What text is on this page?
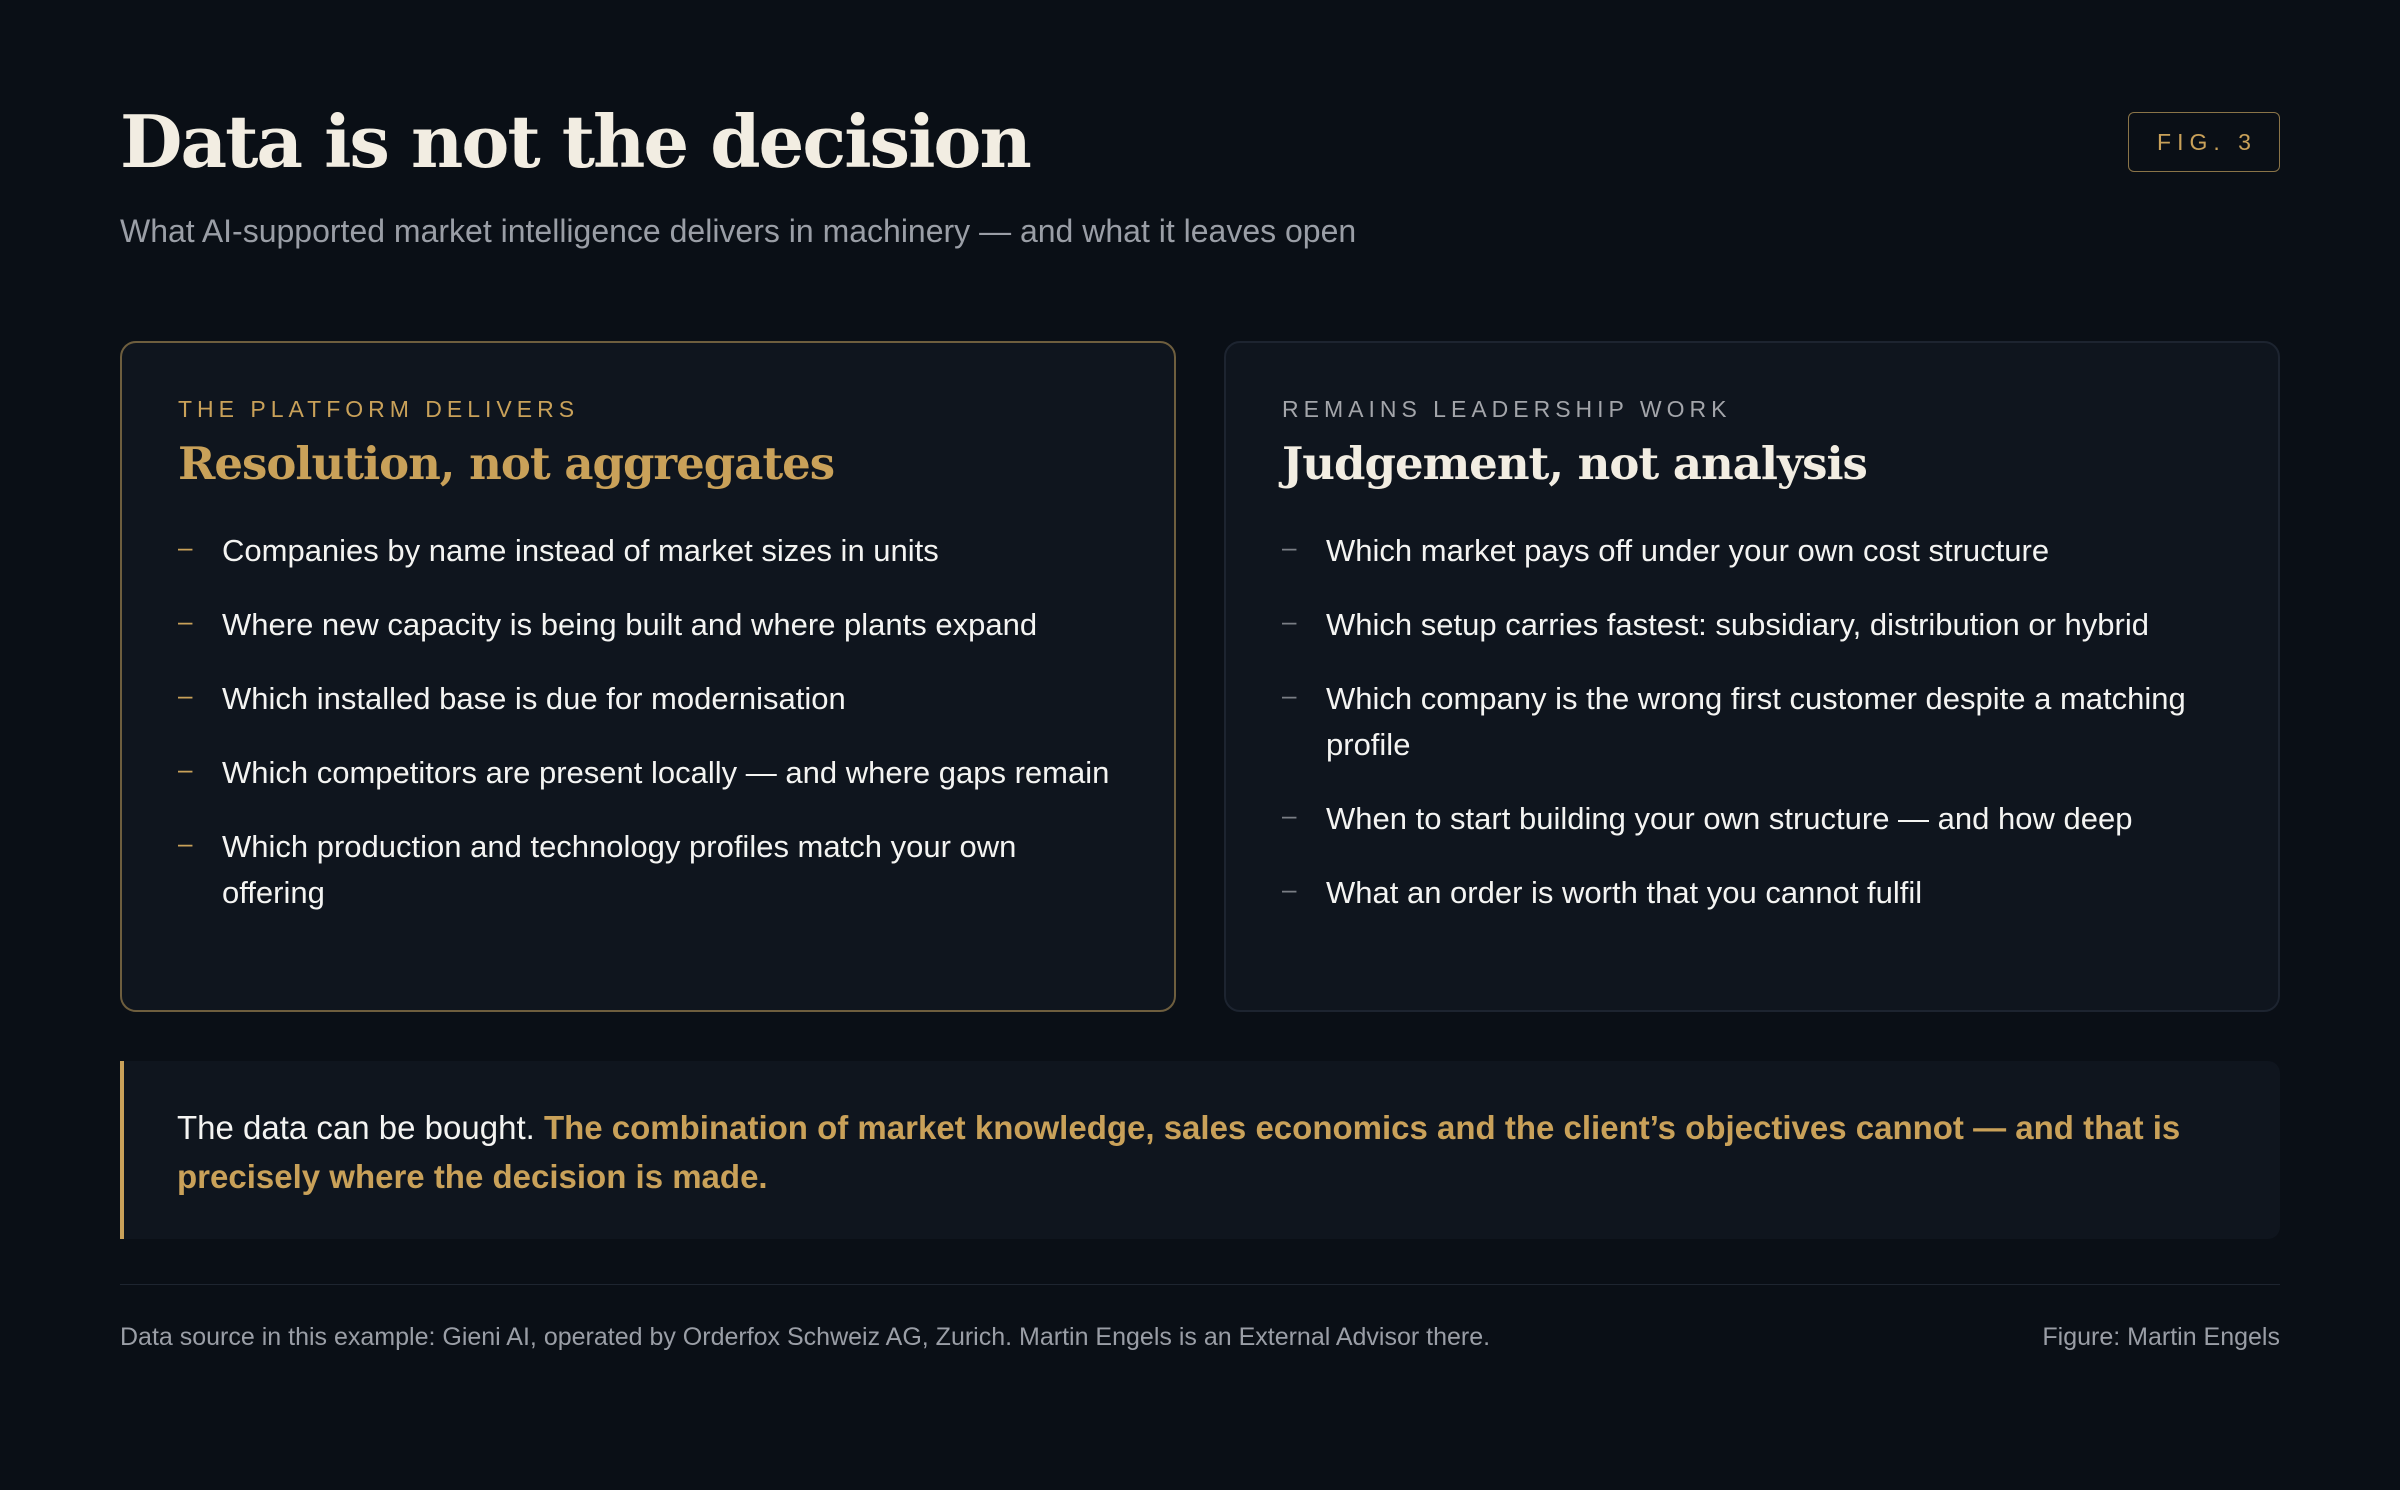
Data is not the decision
What AI-supported market intelligence delivers in machinery — and what it leaves open
FIG. 3
THE PLATFORM DELIVERS
Resolution, not aggregates
– Companies by name instead of market sizes in units
– Where new capacity is being built and where plants expand
– Which installed base is due for modernisation
– Which competitors are present locally — and where gaps remain
– Which production and technology profiles match your own offering
REMAINS LEADERSHIP WORK
Judgement, not analysis
– Which market pays off under your own cost structure
– Which setup carries fastest: subsidiary, distribution or hybrid
– Which company is the wrong first customer despite a matching profile
– When to start building your own structure — and how deep
– What an order is worth that you cannot fulfil
The data can be bought. The combination of market knowledge, sales economics and the client’s objectives cannot — and that is precisely where the decision is made.
Data source in this example: Gieni AI, operated by Orderfox Schweiz AG, Zurich. Martin Engels is an External Advisor there.	Figure: Martin Engels
